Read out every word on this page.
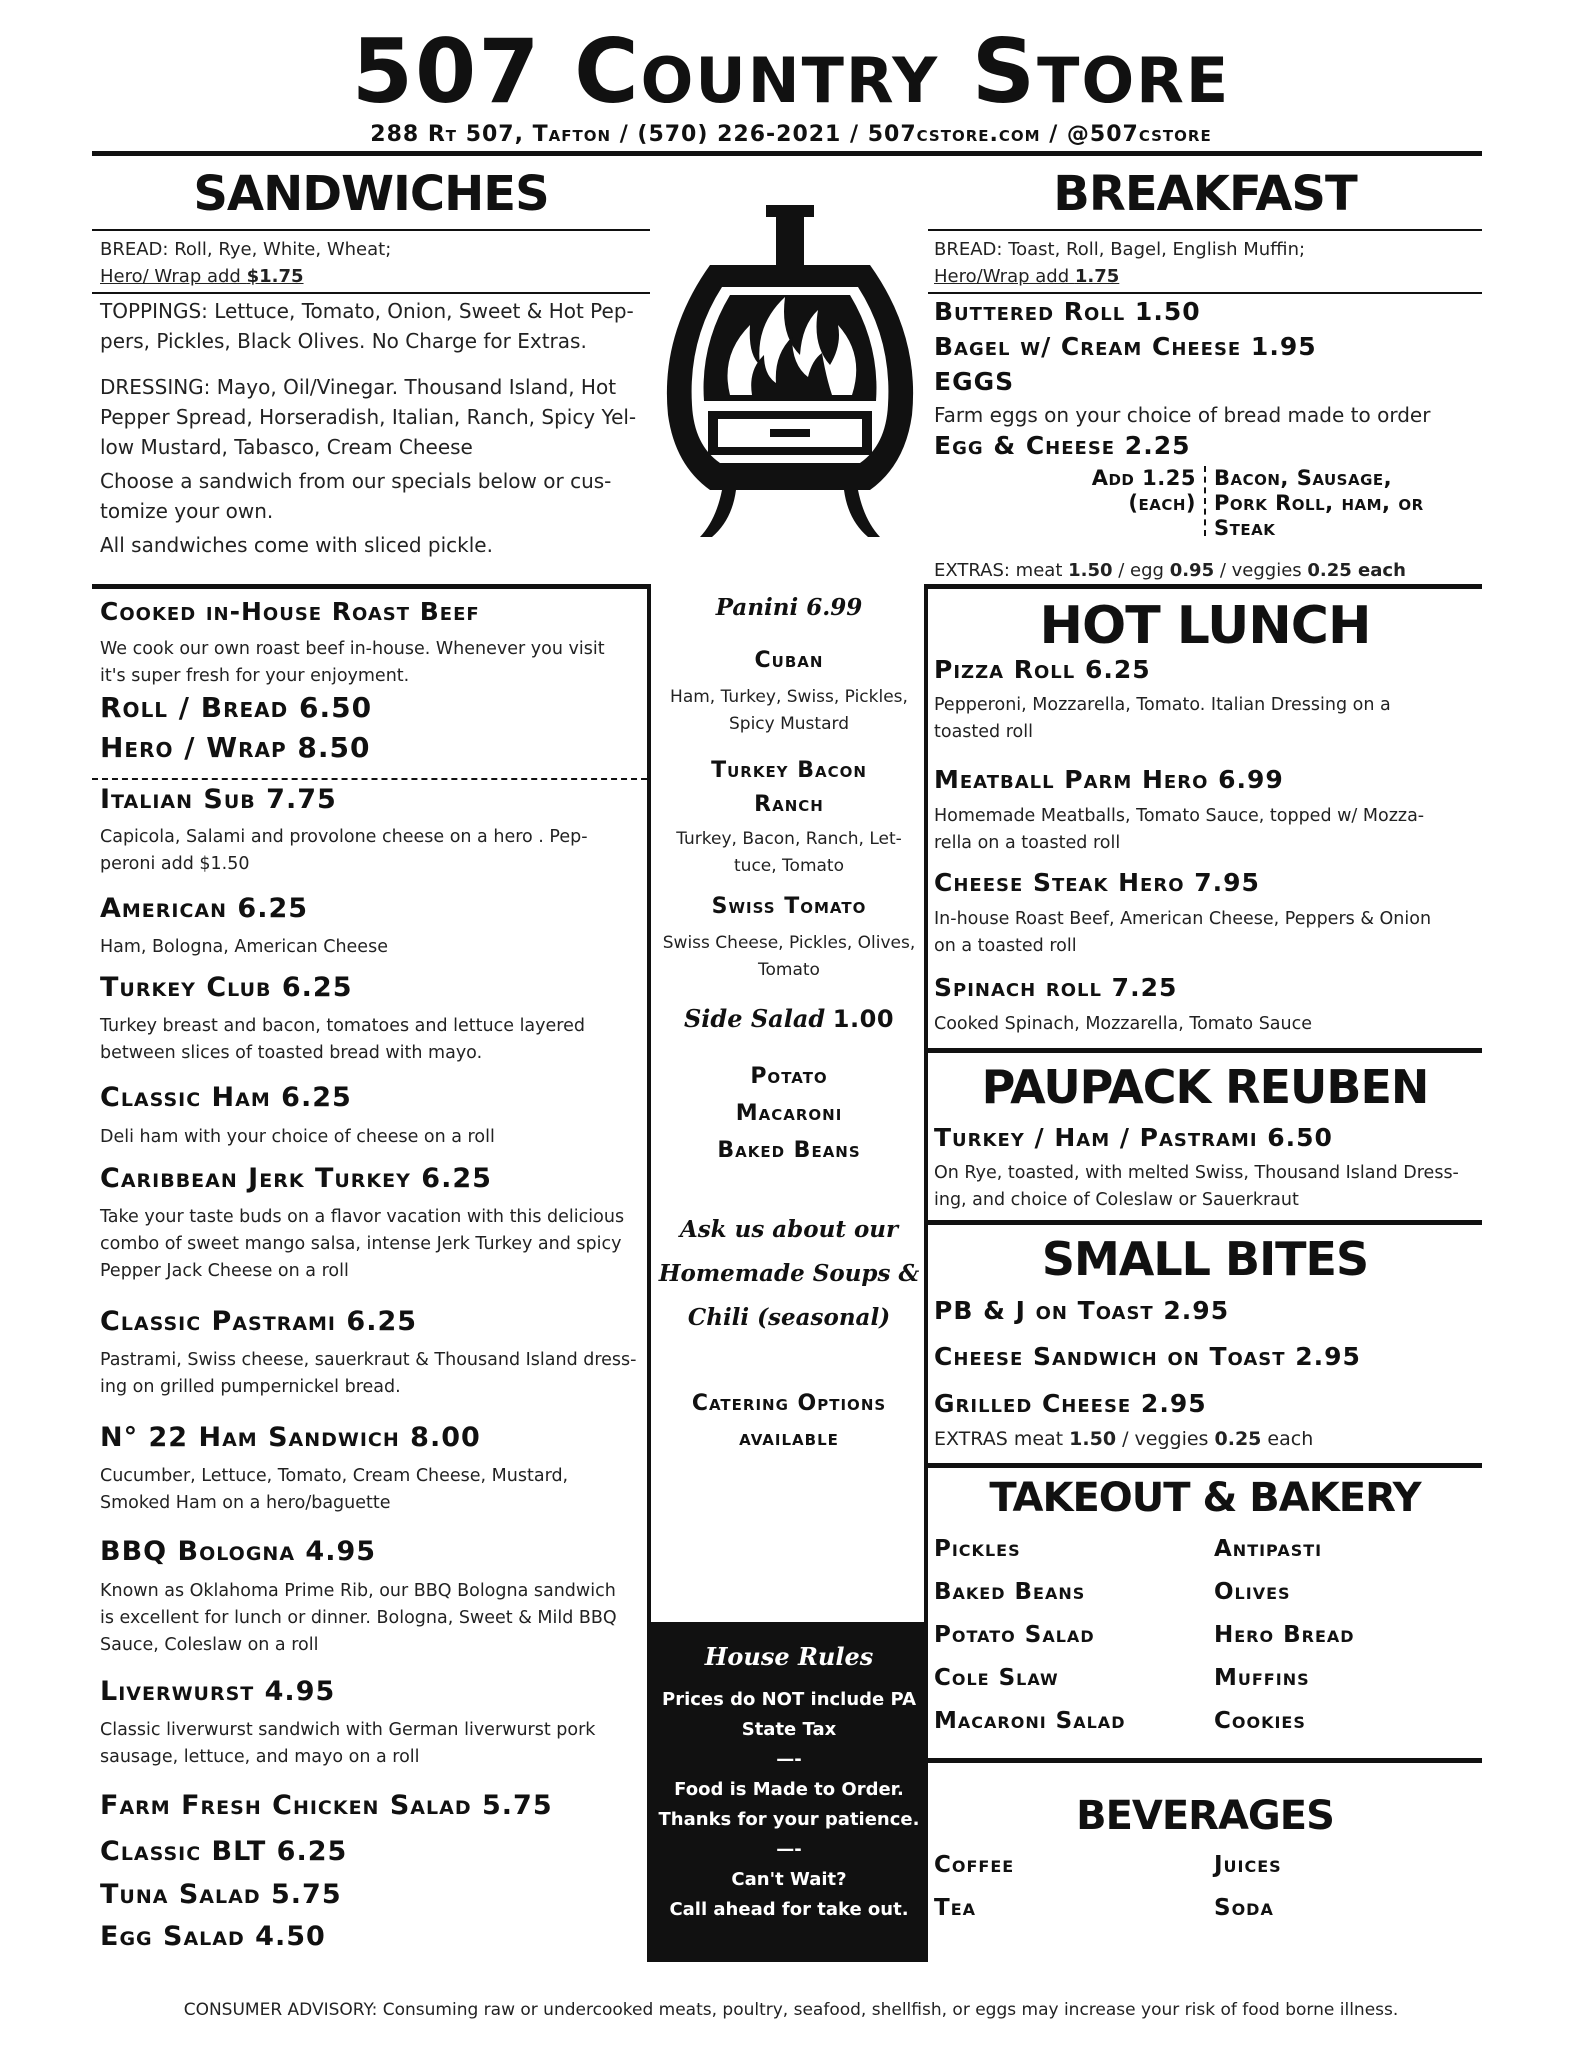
507 Country Store
288 Rt 507, Tafton / (570) 226-2021 / 507cstore.com / @507cstore
SANDWICHES
BREAD: Roll, Rye, White, Wheat;
Hero/ Wrap add $1.75
TOPPINGS: Lettuce, Tomato, Onion, Sweet & Hot Pep-
pers, Pickles, Black Olives. No Charge for Extras.
DRESSING: Mayo, Oil/Vinegar. Thousand Island, Hot
Pepper Spread, Horseradish, Italian, Ranch, Spicy Yel-
low Mustard, Tabasco, Cream Cheese
Choose a sandwich from our specials below or cus-
tomize your own.
All sandwiches come with sliced pickle.
BREAKFAST
BREAD: Toast, Roll, Bagel, English Muffin;
Hero/Wrap add 1.75
Buttered Roll 1.50
Bagel w/ Cream Cheese 1.95
EGGS
Farm eggs on your choice of bread made to order
Egg & Cheese 2.25
Add 1.25
(each)
Bacon, Sausage,
Pork Roll, ham, or
Steak
EXTRAS: meat 1.50 / egg 0.95 / veggies 0.25 each
Cooked in-House Roast Beef
We cook our own roast beef in-house. Whenever you visit
it's super fresh for your enjoyment.
Roll / Bread 6.50
Hero / Wrap 8.50
Italian Sub 7.75
Capicola, Salami and provolone cheese on a hero . Pep-
peroni add $1.50
American 6.25
Ham, Bologna, American Cheese
Turkey Club 6.25
Turkey breast and bacon, tomatoes and lettuce layered
between slices of toasted bread with mayo.
Classic Ham 6.25
Deli ham with your choice of cheese on a roll
Caribbean Jerk Turkey 6.25
Take your taste buds on a flavor vacation with this delicious
combo of sweet mango salsa, intense Jerk Turkey and spicy
Pepper Jack Cheese on a roll
Classic Pastrami 6.25
Pastrami, Swiss cheese, sauerkraut & Thousand Island dress-
ing on grilled pumpernickel bread.
N° 22 Ham Sandwich 8.00
Cucumber, Lettuce, Tomato, Cream Cheese, Mustard,
Smoked Ham on a hero/baguette
BBQ Bologna 4.95
Known as Oklahoma Prime Rib, our BBQ Bologna sandwich
is excellent for lunch or dinner. Bologna, Sweet & Mild BBQ
Sauce, Coleslaw on a roll
Liverwurst 4.95
Classic liverwurst sandwich with German liverwurst pork
sausage, lettuce, and mayo on a roll
Farm Fresh Chicken Salad 5.75
Classic BLT 6.25
Tuna Salad 5.75
Egg Salad 4.50
Panini 6.99
Cuban
Ham, Turkey, Swiss, Pickles,
Spicy Mustard
Turkey Bacon
Ranch
Turkey, Bacon, Ranch, Let-
tuce, Tomato
Swiss Tomato
Swiss Cheese, Pickles, Olives,
Tomato
Side Salad 1.00
Potato
Macaroni
Baked Beans
Ask us about our
Homemade Soups &
Chili (seasonal)
Catering Options
available
House Rules
Prices do NOT include PA
State Tax
—-
Food is Made to Order.
Thanks for your patience.
—-
Can't Wait?
Call ahead for take out.
HOT LUNCH
Pizza Roll 6.25
Pepperoni, Mozzarella, Tomato. Italian Dressing on a
toasted roll
Meatball Parm Hero 6.99
Homemade Meatballs, Tomato Sauce, topped w/ Mozza-
rella on a toasted roll
Cheese Steak Hero 7.95
In-house Roast Beef, American Cheese, Peppers & Onion
on a toasted roll
Spinach roll 7.25
Cooked Spinach, Mozzarella, Tomato Sauce
PAUPACK REUBEN
Turkey / Ham / Pastrami 6.50
On Rye, toasted, with melted Swiss, Thousand Island Dress-
ing, and choice of Coleslaw or Sauerkraut
SMALL BITES
PB & J on Toast 2.95
Cheese Sandwich on Toast 2.95
Grilled Cheese 2.95
EXTRAS meat 1.50 / veggies 0.25 each
TAKEOUT & BAKERY
Pickles
Baked Beans
Potato Salad
Cole Slaw
Macaroni Salad
Antipasti
Olives
Hero Bread
Muffins
Cookies
BEVERAGES
Coffee
Tea
Juices
Soda
CONSUMER ADVISORY: Consuming raw or undercooked meats, poultry, seafood, shellfish, or eggs may increase your risk of food borne illness.
